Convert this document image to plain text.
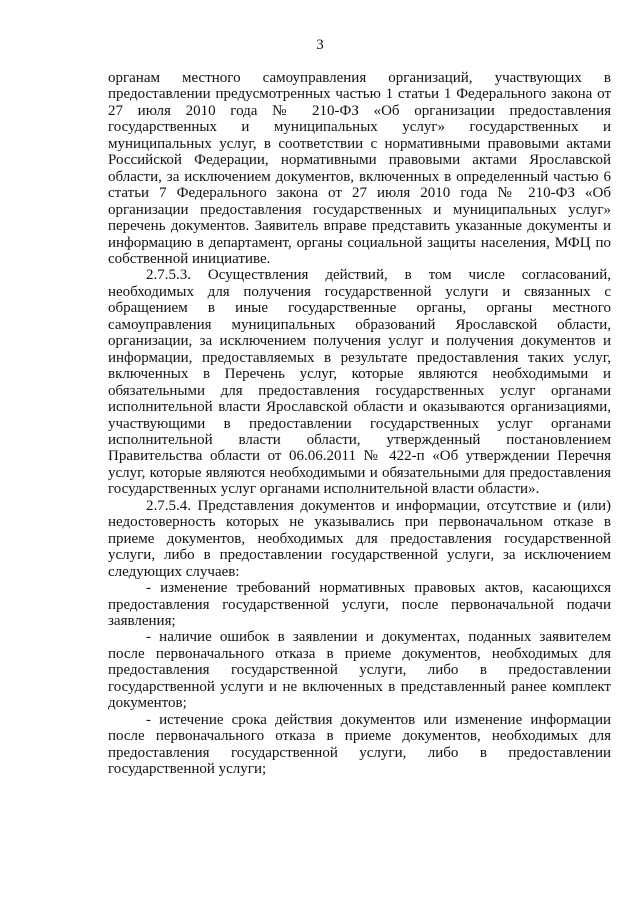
3

органам местного самоуправления организаций, участвующих в предоставлении предусмотренных частью 1 статьи 1 Федерального закона от 27 июля 2010 года № 210-ФЗ «Об организации предоставления государственных и муниципальных услуг» государственных и муниципальных услуг, в соответствии с нормативными правовыми актами Российской Федерации, нормативными правовыми актами Ярославской области, за исключением документов, включенных в определенный частью 6 статьи 7 Федерального закона от 27 июля 2010 года № 210-ФЗ «Об организации предоставления государственных и муниципальных услуг» перечень документов. Заявитель вправе представить указанные документы и информацию в департамент, органы социальной защиты населения, МФЦ по собственной инициативе.

2.7.5.3. Осуществления действий, в том числе согласований, необходимых для получения государственной услуги и связанных с обращением в иные государственные органы, органы местного самоуправления муниципальных образований Ярославской области, организации, за исключением получения услуг и получения документов и информации, предоставляемых в результате предоставления таких услуг, включенных в Перечень услуг, которые являются необходимыми и обязательными для предоставления государственных услуг органами исполнительной власти Ярославской области и оказываются организациями, участвующими в предоставлении государственных услуг органами исполнительной власти области, утвержденный постановлением Правительства области от 06.06.2011 № 422-п «Об утверждении Перечня услуг, которые являются необходимыми и обязательными для предоставления государственных услуг органами исполнительной власти области».

2.7.5.4. Представления документов и информации, отсутствие и (или) недостоверность которых не указывались при первоначальном отказе в приеме документов, необходимых для предоставления государственной услуги, либо в предоставлении государственной услуги, за исключением следующих случаев:

- изменение требований нормативных правовых актов, касающихся предоставления государственной услуги, после первоначальной подачи заявления;

- наличие ошибок в заявлении и документах, поданных заявителем после первоначального отказа в приеме документов, необходимых для предоставления государственной услуги, либо в предоставлении государственной услуги и не включенных в представленный ранее комплект документов;

- истечение срока действия документов или изменение информации после первоначального отказа в приеме документов, необходимых для предоставления государственной услуги, либо в предоставлении государственной услуги;
